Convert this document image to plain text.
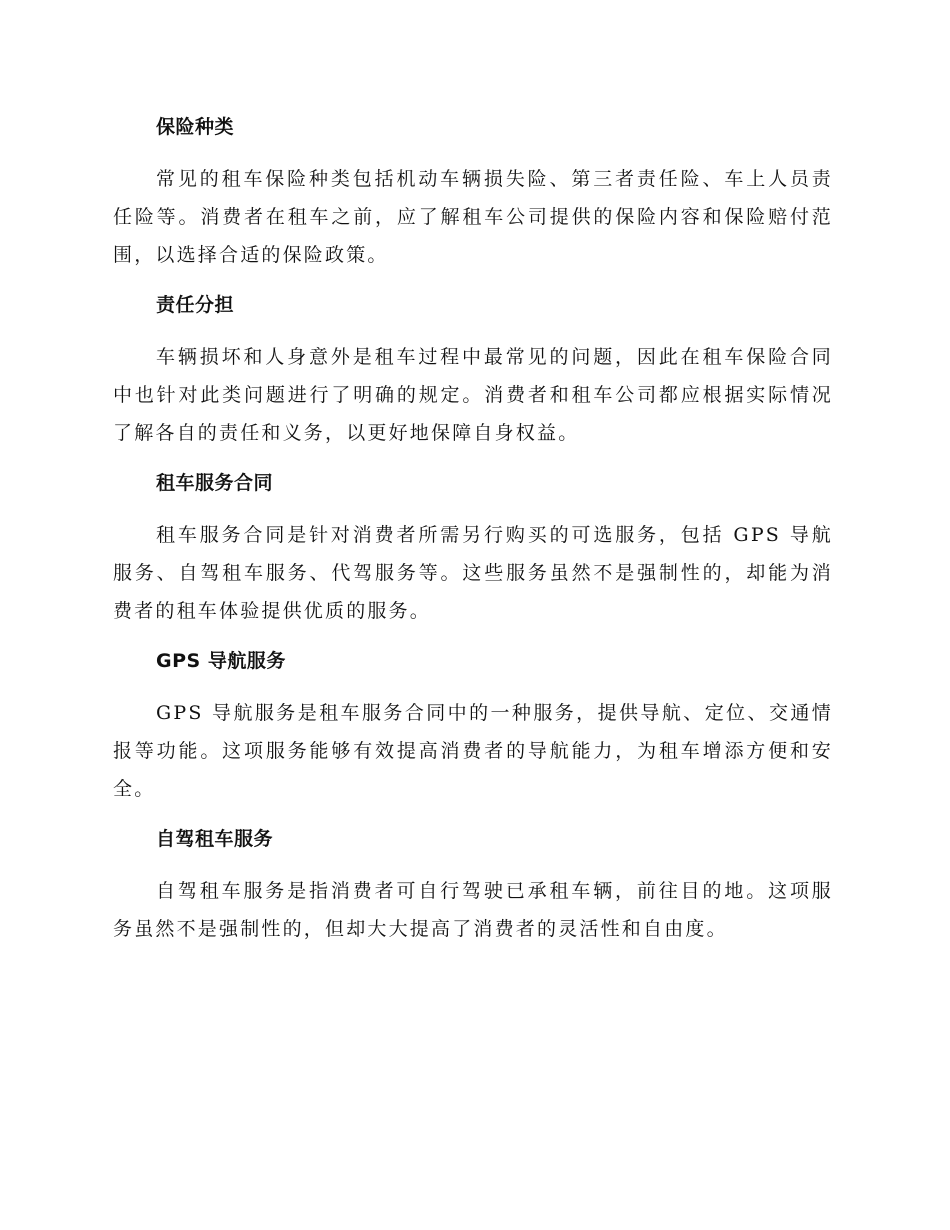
保险种类

常见的租车保险种类包括机动车辆损失险、第三者责任险、车上人员责任险等。消费者在租车之前，应了解租车公司提供的保险内容和保险赔付范围，以选择合适的保险政策。

责任分担

车辆损坏和人身意外是租车过程中最常见的问题，因此在租车保险合同中也针对此类问题进行了明确的规定。消费者和租车公司都应根据实际情况了解各自的责任和义务，以更好地保障自身权益。

租车服务合同

租车服务合同是针对消费者所需另行购买的可选服务，包括 GPS 导航服务、自驾租车服务、代驾服务等。这些服务虽然不是强制性的，却能为消费者的租车体验提供优质的服务。

GPS 导航服务

GPS 导航服务是租车服务合同中的一种服务，提供导航、定位、交通情报等功能。这项服务能够有效提高消费者的导航能力，为租车增添方便和安全。

自驾租车服务

自驾租车服务是指消费者可自行驾驶已承租车辆，前往目的地。这项服务虽然不是强制性的，但却大大提高了消费者的灵活性和自由度。
